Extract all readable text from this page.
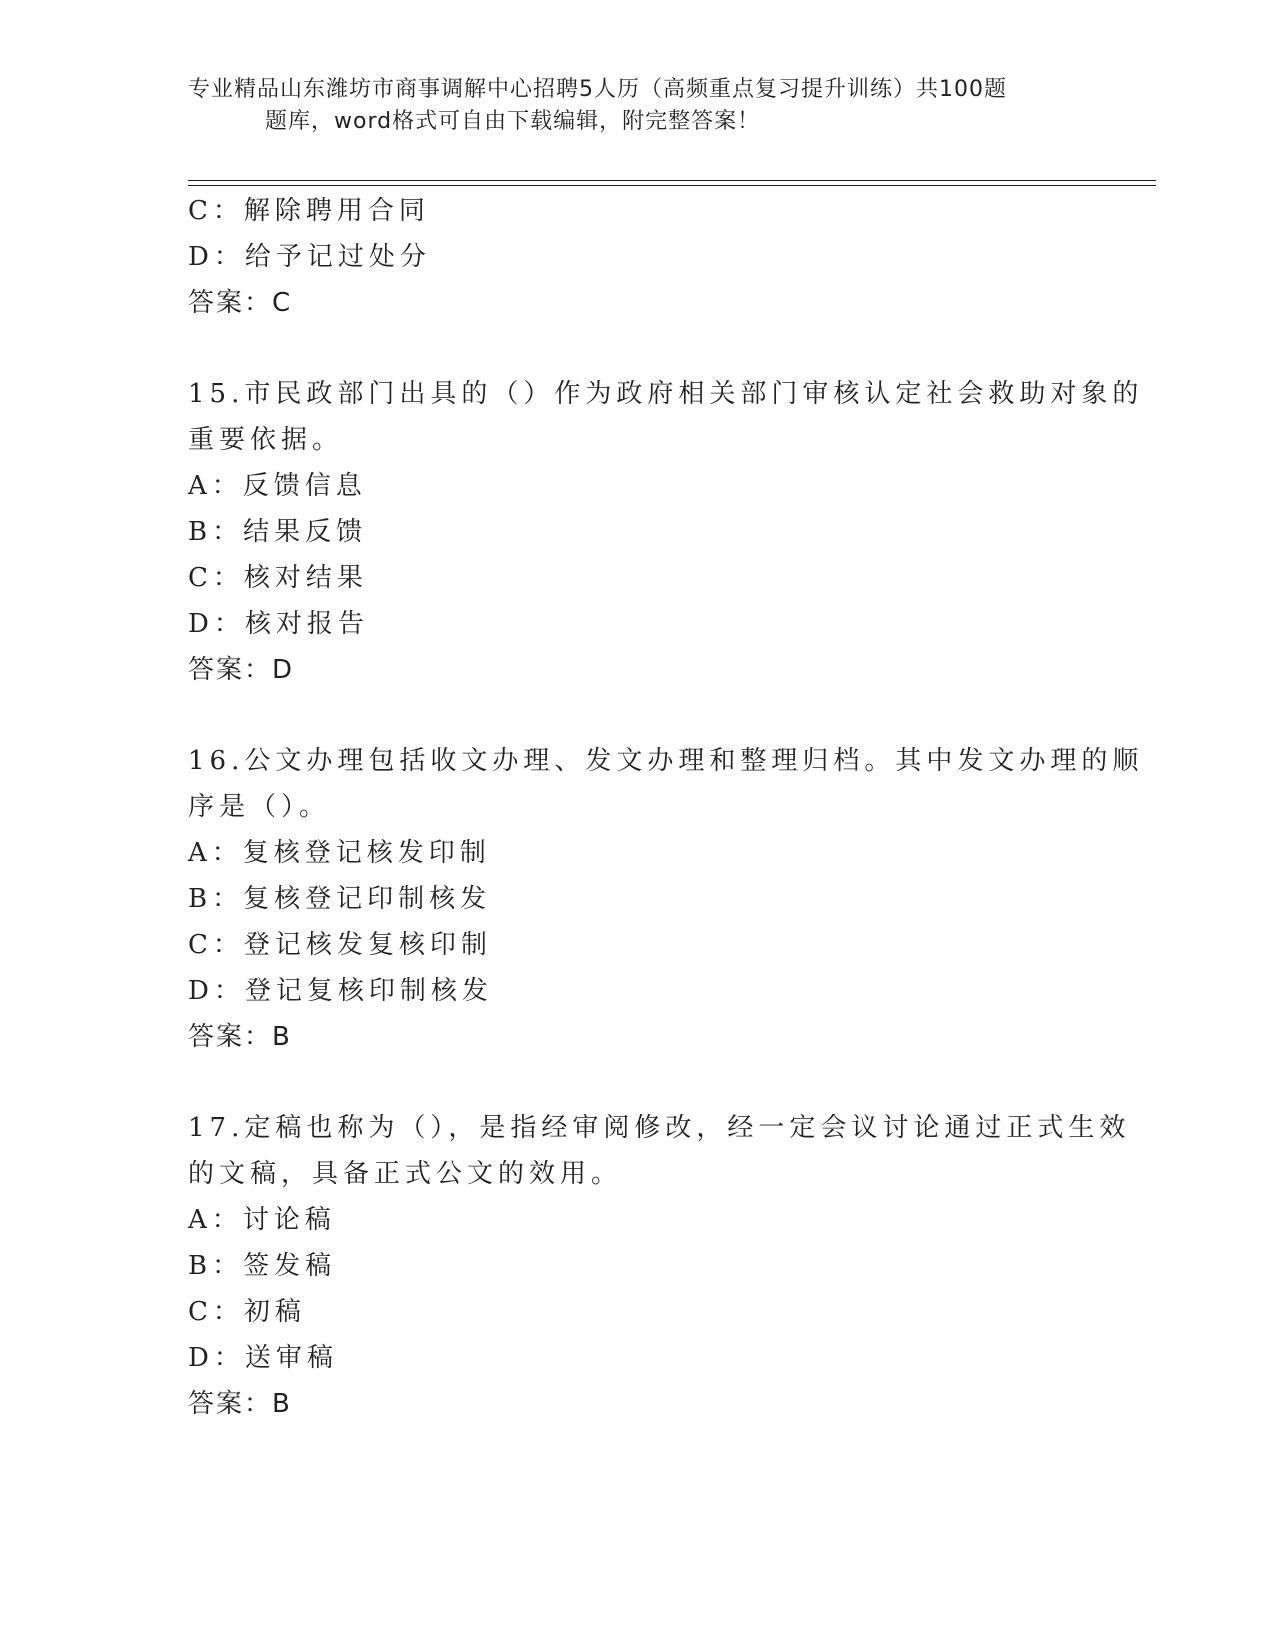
专业精品山东潍坊市商事调解中心招聘5人历（高频重点复习提升训练）共100题
题库，word格式可自由下载编辑，附完整答案！
C：解除聘用合同
D：给予记过处分
答案：C
15.市民政部门出具的（）作为政府相关部门审核认定社会救助对象的
重要依据。
A：反馈信息
B：结果反馈
C：核对结果
D：核对报告
答案：D
16.公文办理包括收文办理、发文办理和整理归档。其中发文办理的顺
序是（）。
A：复核登记核发印制
B：复核登记印制核发
C：登记核发复核印制
D：登记复核印制核发
答案：B
17.定稿也称为（），是指经审阅修改，经一定会议讨论通过正式生效
的文稿，具备正式公文的效用。
A：讨论稿
B：签发稿
C：初稿
D：送审稿
答案：B
